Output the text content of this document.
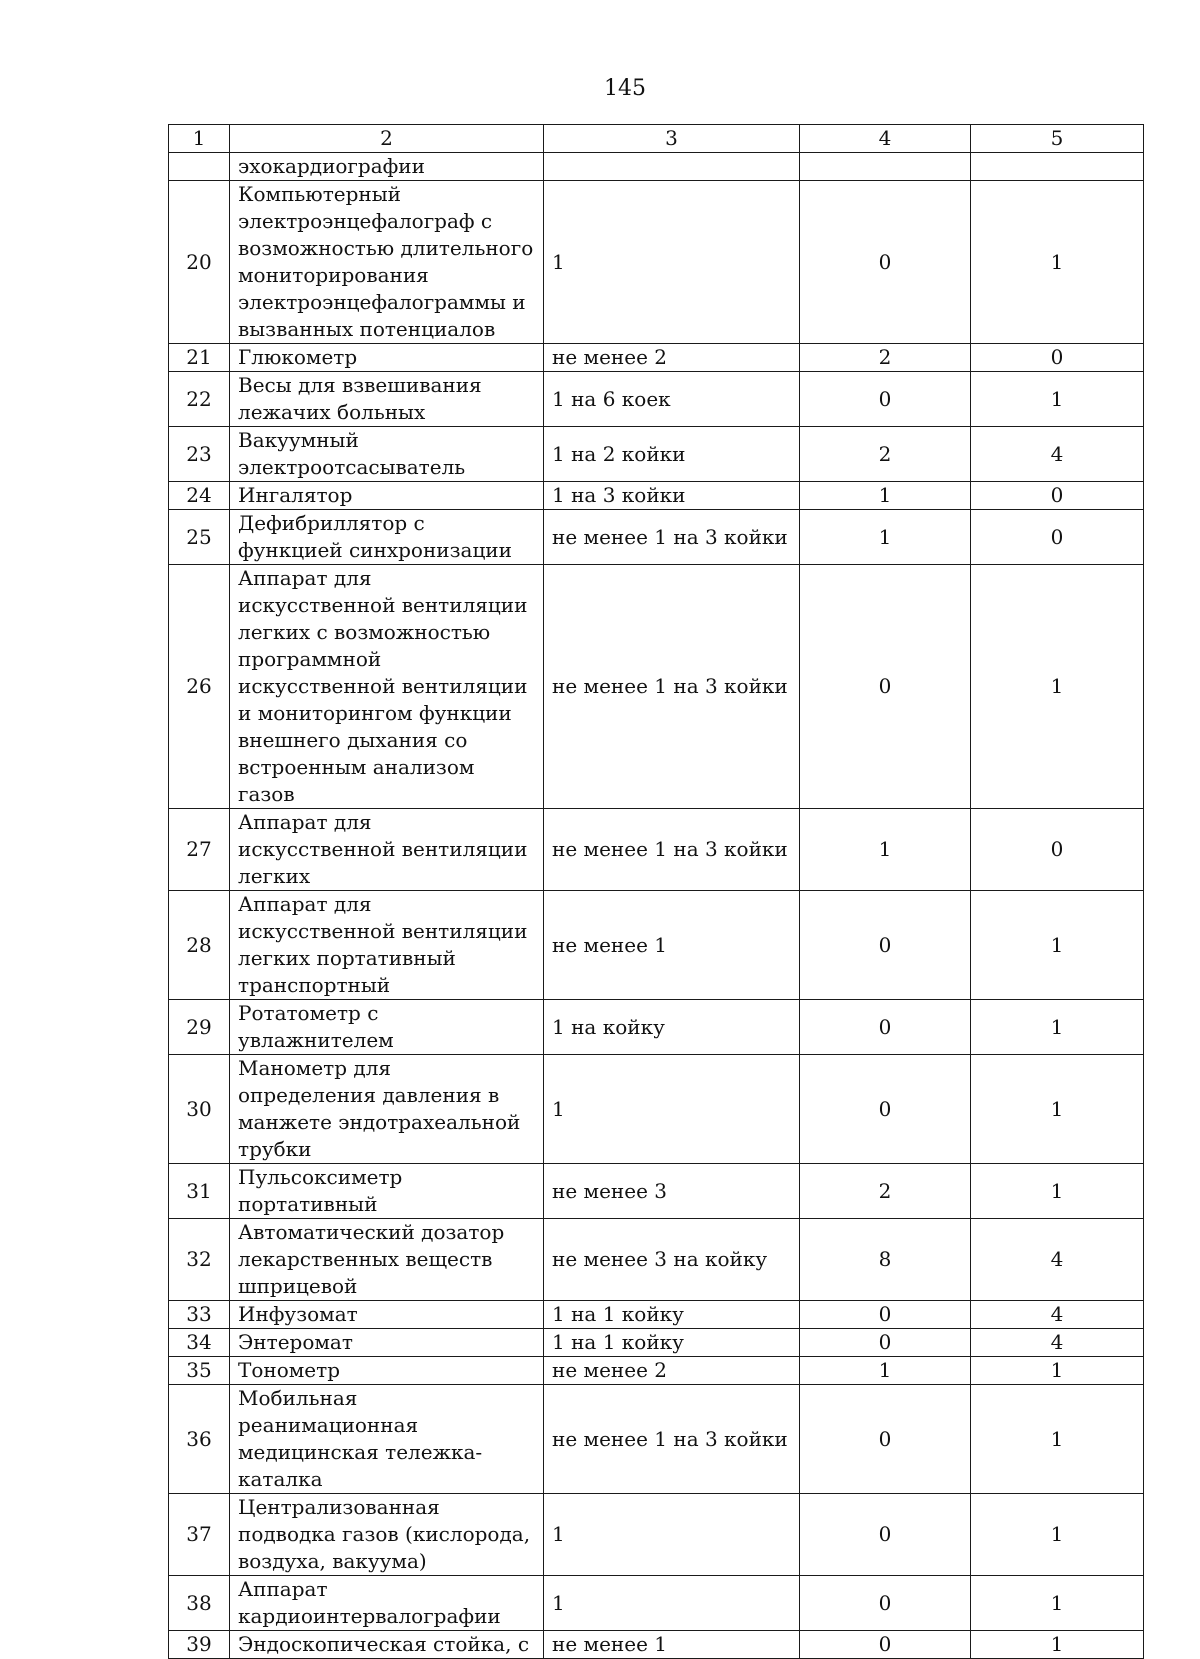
145
1	2	3	4	5
	эхокардиографии			
20	Компьютерный электроэнцефалограф с возможностью длительного мониторирования электроэнцефалограммы и вызванных потенциалов	1	0	1
21	Глюкометр	не менее 2	2	0
22	Весы для взвешивания лежачих больных	1 на 6 коек	0	1
23	Вакуумный электроотсасыватель	1 на 2 койки	2	4
24	Ингалятор	1 на 3 койки	1	0
25	Дефибриллятор с функцией синхронизации	не менее 1 на 3 койки	1	0
26	Аппарат для искусственной вентиляции легких с возможностью программной искусственной вентиляции и мониторингом функции внешнего дыхания со встроенным анализом газов	не менее 1 на 3 койки	0	1
27	Аппарат для искусственной вентиляции легких	не менее 1 на 3 койки	1	0
28	Аппарат для искусственной вентиляции легких портативный транспортный	не менее 1	0	1
29	Ротатометр с увлажнителем	1 на койку	0	1
30	Манометр для определения давления в манжете эндотрахеальной трубки	1	0	1
31	Пульсоксиметр портативный	не менее 3	2	1
32	Автоматический дозатор лекарственных веществ шприцевой	не менее 3 на койку	8	4
33	Инфузомат	1 на 1 койку	0	4
34	Энтеромат	1 на 1 койку	0	4
35	Тонометр	не менее 2	1	1
36	Мобильная реанимационная медицинская тележка-каталка	не менее 1 на 3 койки	0	1
37	Централизованная подводка газов (кислорода, воздуха, вакуума)	1	0	1
38	Аппарат кардиоинтервалографии	1	0	1
39	Эндоскопическая стойка, с	не менее 1	0	1
